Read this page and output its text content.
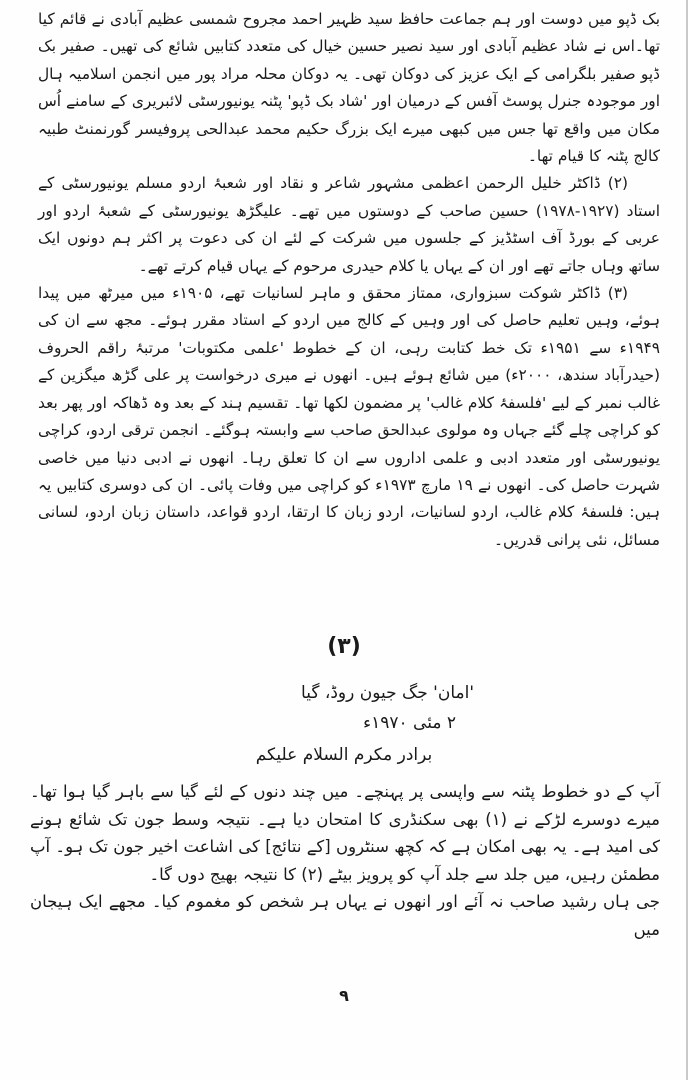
بک ڈپو میں دوست اور ہم جماعت حافظ سید ظہیر احمد مجروح شمسی عظیم آبادی نے قائم کیا تھا۔اس نے شاد عظیم آبادی اور سید نصیر حسین خیال کی متعدد کتابیں شائع کی تھیں۔ صفیر بک ڈپو صفیر بلگرامی کے ایک عزیز کی دوکان تھی۔ یہ دوکان محلہ مراد پور میں انجمن اسلامیہ ہال اور موجودہ جنرل پوسٹ آفس کے درمیان اور 'شاد بک ڈپو' پٹنہ یونیورسٹی لائبریری کے سامنے اُس مکان میں واقع تھا جس میں کبھی میرے ایک بزرگ حکیم محمد عبدالحی پروفیسر گورنمنٹ طبیہ کالج پٹنہ کا قیام تھا۔

(۲) ڈاکٹر خلیل الرحمن اعظمی مشہور شاعر و نقاد اور شعبۂ اردو مسلم یونیورسٹی کے استاد (۱۹۲۷-۱۹۷۸) حسین صاحب کے دوستوں میں تھے۔ علیگڑھ یونیورسٹی کے شعبۂ اردو اور عربی کے بورڈ آف اسٹڈیز کے جلسوں میں شرکت کے لئے ان کی دعوت پر اکثر ہم دونوں ایک ساتھ وہاں جاتے تھے اور ان کے یہاں یا کلام حیدری مرحوم کے یہاں قیام کرتے تھے۔

(۳) ڈاکٹر شوکت سبزواری، ممتاز محقق و ماہر لسانیات تھے، ۱۹۰۵ء میں میرٹھ میں پیدا ہوئے، وہیں تعلیم حاصل کی اور وہیں کے کالج میں اردو کے استاد مقرر ہوئے۔ مجھ سے ان کی ۱۹۴۹ء سے ۱۹۵۱ء تک خط کتابت رہی، ان کے خطوط 'علمی مکتوبات' مرتبۂ راقم الحروف (حیدرآباد سندھ، ۲۰۰۰ء) میں شائع ہوئے ہیں۔ انھوں نے میری درخواست پر علی گڑھ میگزین کے غالب نمبر کے لیے 'فلسفۂ کلام غالب' پر مضمون لکھا تھا۔ تقسیم ہند کے بعد وہ ڈھاکہ اور پھر بعد کو کراچی چلے گئے جہاں وہ مولوی عبدالحق صاحب سے وابستہ ہوگئے۔ انجمن ترقی اردو، کراچی یونیورسٹی اور متعدد ادبی و علمی اداروں سے ان کا تعلق رہا۔ انھوں نے ادبی دنیا میں خاصی شہرت حاصل کی۔ انھوں نے ۱۹ مارچ ۱۹۷۳ء کو کراچی میں وفات پائی۔ ان کی دوسری کتابیں یہ ہیں: فلسفۂ کلام غالب، اردو لسانیات، اردو زبان کا ارتقا، اردو قواعد، داستان زبان اردو، لسانی مسائل، نئی پرانی قدریں۔

(۳)
'امان' جگ جیون روڈ، گیا
۲ مئی ۱۹۷۰ء
برادر مکرم السلام علیکم

آپ کے دو خطوط پٹنہ سے واپسی پر پہنچے۔ میں چند دنوں کے لئے گیا سے باہر گیا ہوا تھا۔ میرے دوسرے لڑکے نے (۱) بھی سکنڈری کا امتحان دیا ہے۔ نتیجہ وسط جون تک شائع ہونے کی امید ہے۔ یہ بھی امکان ہے کہ کچھ سنٹروں [کے نتائج] کی اشاعت اخیر جون تک ہو۔ آپ مطمئن رہیں، میں جلد سے جلد آپ کو پرویز بیٹے (۲) کا نتیجہ بھیج دوں گا۔

جی ہاں رشید صاحب نہ آئے اور انھوں نے یہاں ہر شخص کو مغموم کیا۔ مجھے ایک ہیجان میں

۹
